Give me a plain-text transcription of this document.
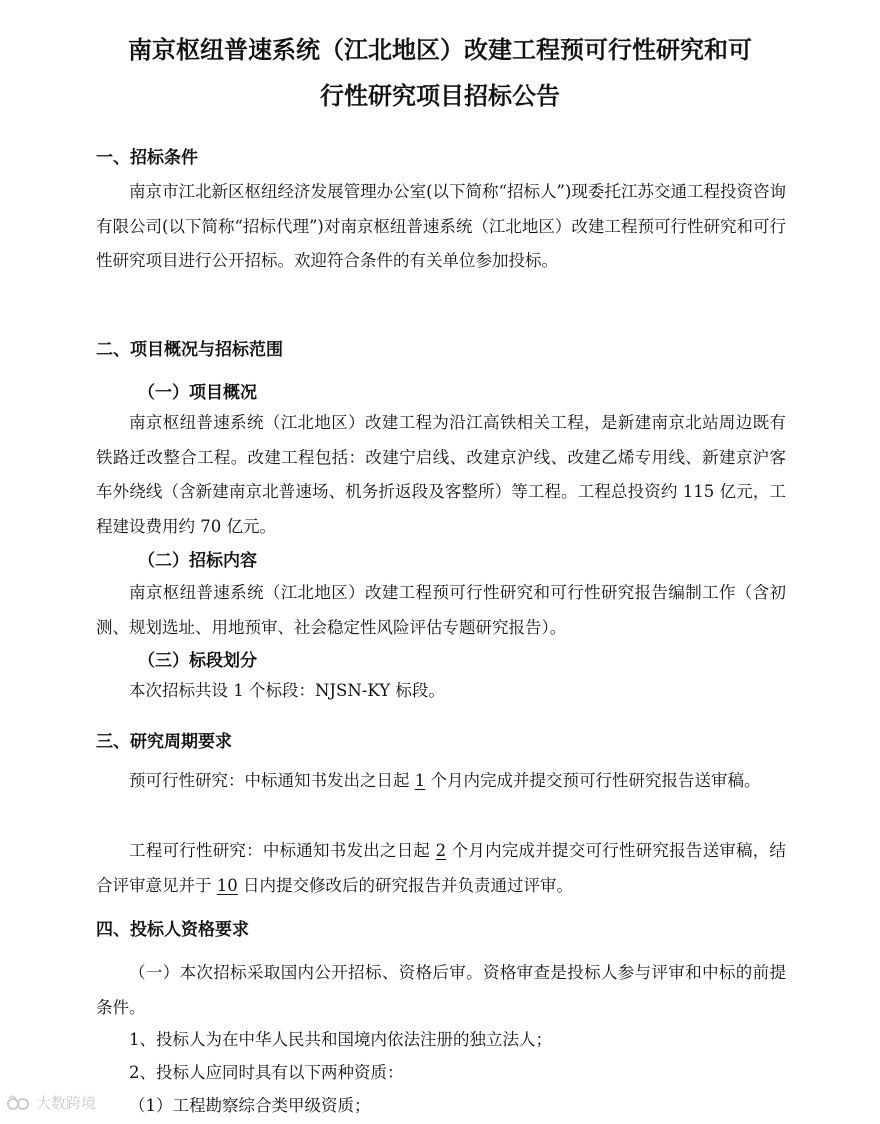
南京枢纽普速系统（江北地区）改建工程预可行性研究和可
行性研究项目招标公告
一、招标条件

南京市江北新区枢纽经济发展管理办公室(以下简称“招标人”)现委托江苏交通工程投资咨询有限公司(以下简称“招标代理”)对南京枢纽普速系统（江北地区）改建工程预可行性研究和可行性研究项目进行公开招标。欢迎符合条件的有关单位参加投标。

二、项目概况与招标范围
（一）项目概况

南京枢纽普速系统（江北地区）改建工程为沿江高铁相关工程，是新建南京北站周边既有铁路迁改整合工程。改建工程包括：改建宁启线、改建京沪线、改建乙烯专用线、新建京沪客车外绕线（含新建南京北普速场、机务折返段及客整所）等工程。工程总投资约 115 亿元，工程建设费用约 70 亿元。

（二）招标内容

南京枢纽普速系统（江北地区）改建工程预可行性研究和可行性研究报告编制工作（含初测、规划选址、用地预审、社会稳定性风险评估专题研究报告）。

（三）标段划分

本次招标共设 1 个标段：NJSN-KY 标段。

三、研究周期要求

预可行性研究：中标通知书发出之日起 1 个月内完成并提交预可行性研究报告送审稿。

工程可行性研究：中标通知书发出之日起 2 个月内完成并提交可行性研究报告送审稿，结合评审意见并于 10 日内提交修改后的研究报告并负责通过评审。

四、投标人资格要求

（一）本次招标采取国内公开招标、资格后审。资格审查是投标人参与评审和中标的前提条件。

1、投标人为在中华人民共和国境内依法注册的独立法人；

2、投标人应同时具有以下两种资质：

（1）工程勘察综合类甲级资质；

大数跨境
